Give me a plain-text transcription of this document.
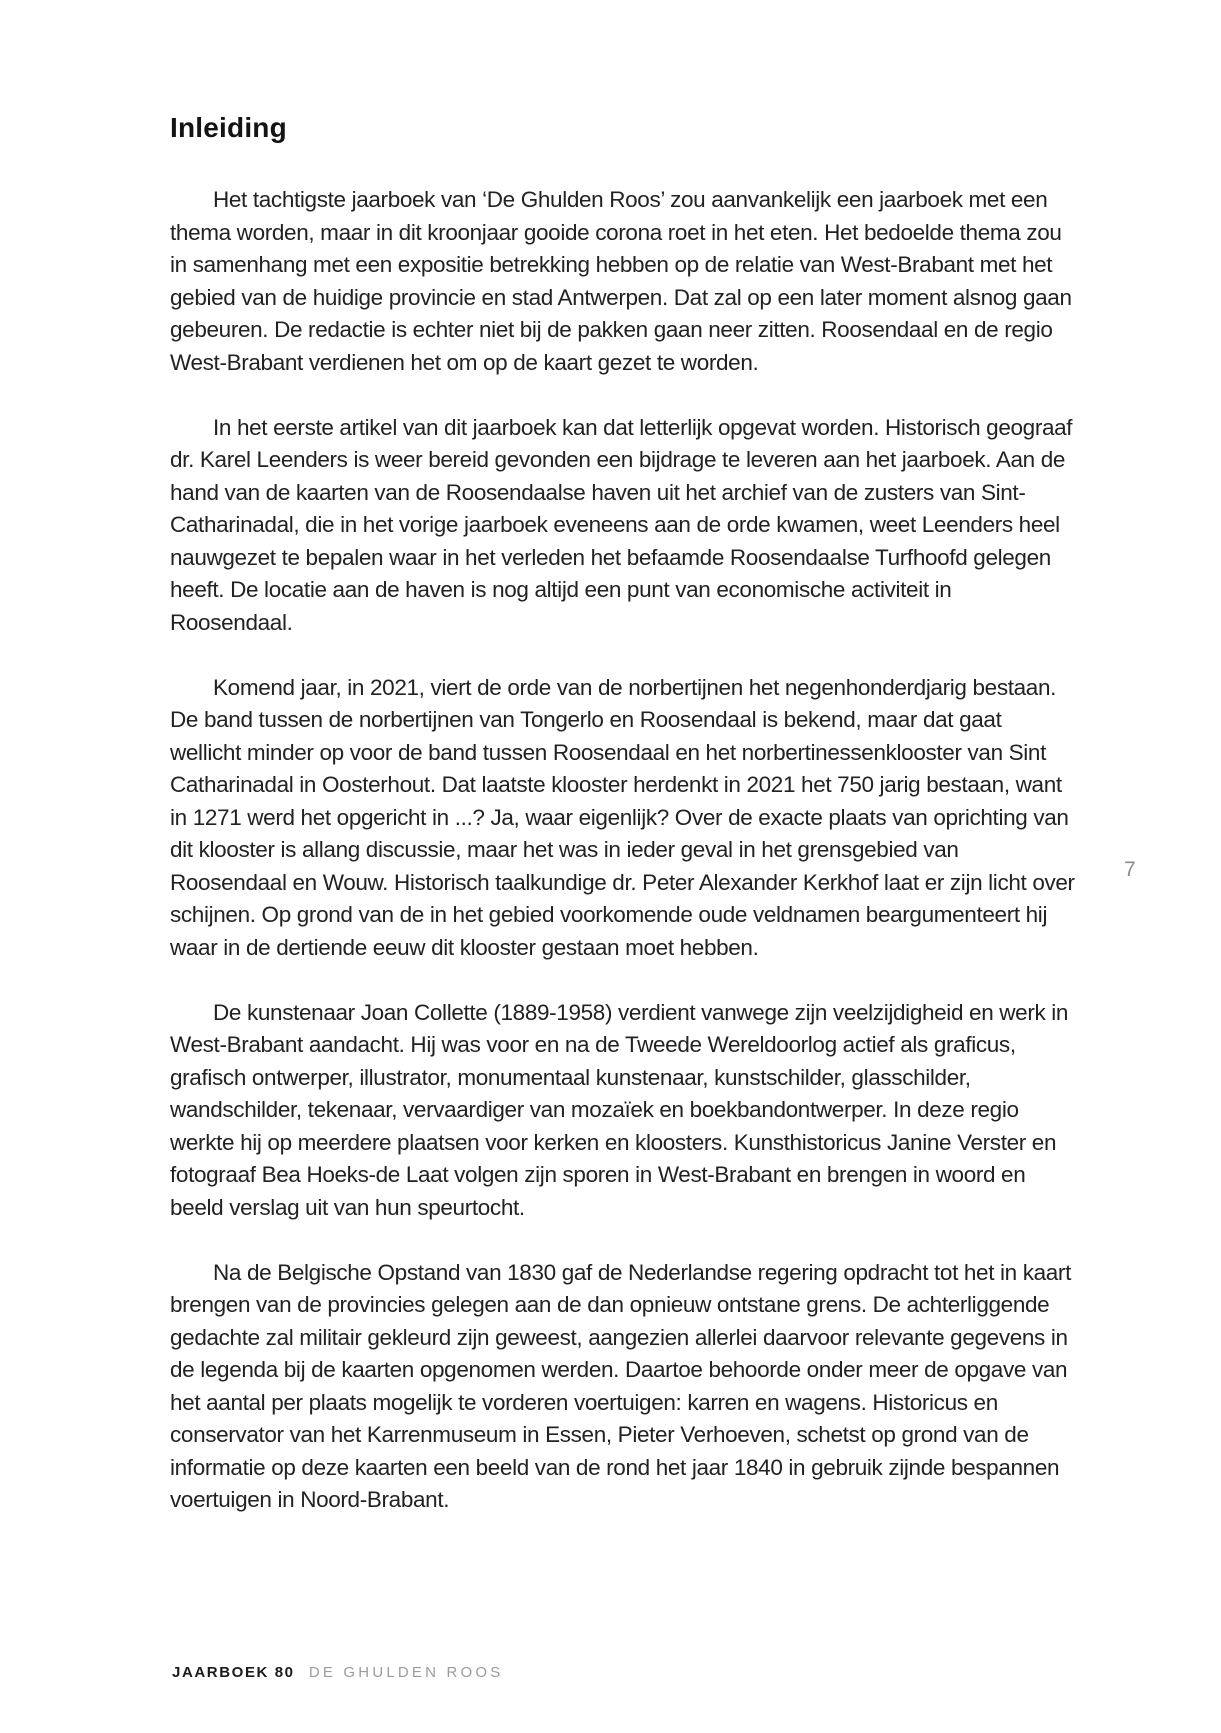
Inleiding

Het tachtigste jaarboek van ‘De Ghulden Roos’ zou aanvankelijk een jaarboek met een thema worden, maar in dit kroonjaar gooide corona roet in het eten. Het bedoelde thema zou in samenhang met een expositie betrekking hebben op de relatie van West-Brabant met het gebied van de huidige provincie en stad Antwerpen. Dat zal op een later moment alsnog gaan gebeuren. De redactie is echter niet bij de pakken gaan neer zitten. Roosendaal en de regio West-Brabant verdienen het om op de kaart gezet te worden.

In het eerste artikel van dit jaarboek kan dat letterlijk opgevat worden. Historisch geograaf dr. Karel Leenders is weer bereid gevonden een bijdrage te leveren aan het jaarboek. Aan de hand van de kaarten van de Roosendaalse haven uit het archief van de zusters van Sint-Catharinadal, die in het vorige jaarboek eveneens aan de orde kwamen, weet Leenders heel nauwgezet te bepalen waar in het verleden het befaamde Roosendaalse Turfhoofd gelegen heeft. De locatie aan de haven is nog altijd een punt van economische activiteit in Roosendaal.

Komend jaar, in 2021, viert de orde van de norbertijnen het negenhonderdjarig bestaan. De band tussen de norbertijnen van Tongerlo en Roosendaal is bekend, maar dat gaat wellicht minder op voor de band tussen Roosendaal en het norbertinessenklooster van Sint Catharinadal in Oosterhout. Dat laatste klooster herdenkt in 2021 het 750 jarig bestaan, want in 1271 werd het opgericht in ...? Ja, waar eigenlijk? Over de exacte plaats van oprichting van dit klooster is allang discussie, maar het was in ieder geval in het grensgebied van Roosendaal en Wouw. Historisch taalkundige dr. Peter Alexander Kerkhof laat er zijn licht over schijnen. Op grond van de in het gebied voorkomende oude veldnamen beargumenteert hij waar in de dertiende eeuw dit klooster gestaan moet hebben.

De kunstenaar Joan Collette (1889-1958) verdient vanwege zijn veelzijdigheid en werk in West-Brabant aandacht. Hij was voor en na de Tweede Wereldoorlog actief als graficus, grafisch ontwerper, illustrator, monumentaal kunstenaar, kunstschilder, glasschilder, wandschilder, tekenaar, vervaardiger van mozaïek en boekbandontwerper. In deze regio werkte hij op meerdere plaatsen voor kerken en kloosters. Kunsthistoricus Janine Verster en fotograaf Bea Hoeks-de Laat volgen zijn sporen in West-Brabant en brengen in woord en beeld verslag uit van hun speurtocht.

Na de Belgische Opstand van 1830 gaf de Nederlandse regering opdracht tot het in kaart brengen van de provincies gelegen aan de dan opnieuw ontstane grens. De achterliggende gedachte zal militair gekleurd zijn geweest, aangezien allerlei daarvoor relevante gegevens in de legenda bij de kaarten opgenomen werden. Daartoe behoorde onder meer de opgave van het aantal per plaats mogelijk te vorderen voertuigen: karren en wagens. Historicus en conservator van het Karrenmuseum in Essen, Pieter Verhoeven, schetst op grond van de informatie op deze kaarten een beeld van de rond het jaar 1840 in gebruik zijnde bespannen voertuigen in Noord-Brabant.

7
JAARBOEK 80 DE GHULDEN ROOS
